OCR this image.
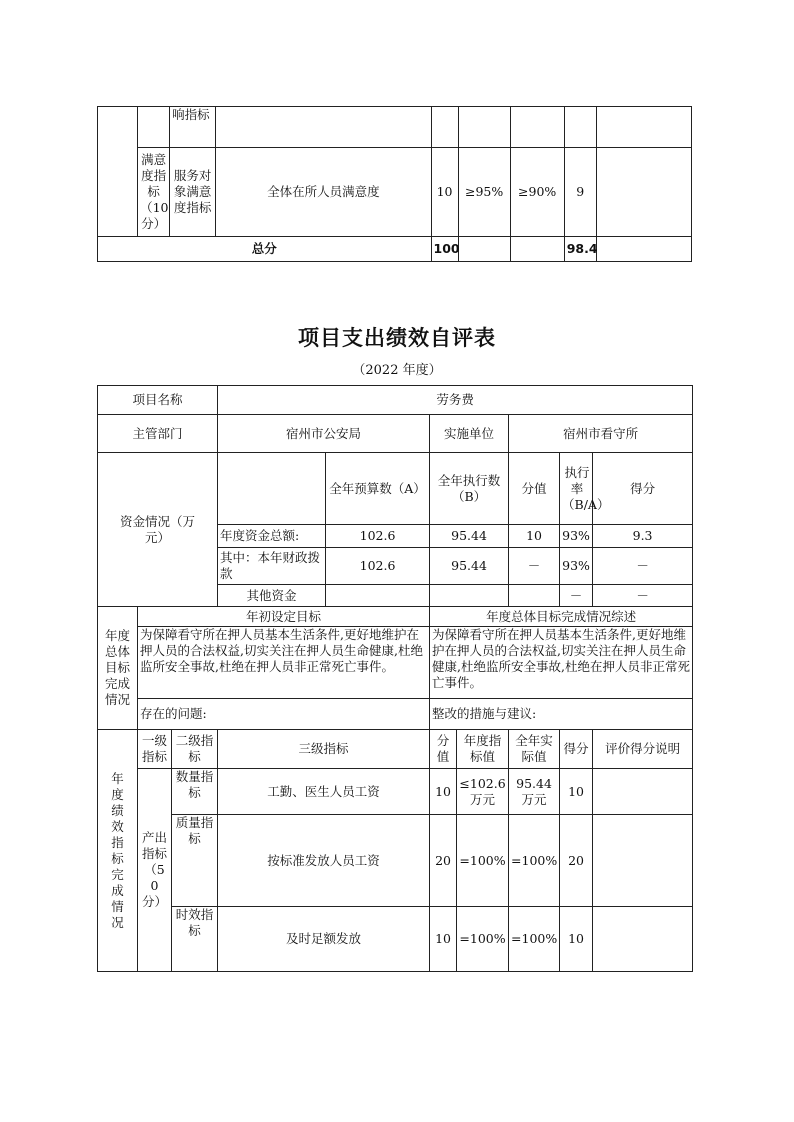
		响指标						
	满意度指标（10分）	服务对象满意度指标	全体在所人员满意度	10	≥95%	≥90%	9	
总分				100			98.4	
项目支出绩效自评表
（2022 年度）
项目名称			劳务费						
主管部门			宿州市公安局		实施单位		宿州市看守所		
资金情况（万元）				全年预算数（A）	全年执行数（B）		分值	执行率（B/A）	得分
			年度资金总额:	102.6	95.44		10	93%	9.3
			其中：本年财政拨款	102.6	95.44		－	93%	－
			其他资金					－	－
年度总体目标完成情况	年初设定目标				年度总体目标完成情况综述				
	为保障看守所在押人员基本生活条件,更好地维护在押人员的合法权益,切实关注在押人员生命健康,杜绝监所安全事故,杜绝在押人员非正常死亡事件。				为保障看守所在押人员基本生活条件,更好地维护在押人员的合法权益,切实关注在押人员生命健康,杜绝监所安全事故,杜绝在押人员非正常死亡事件。				
	存在的问题:				整改的措施与建议:				
年度绩效指标完成情况	一级指标	二级指标	三级指标		分值	年度指标值	全年实际值	得分	评价得分说明
	产出指标（50分）	数量指标	工勤、医生人员工资		10	≤102.6万元	95.44 万元	10	
		质量指标	按标准发放人员工资		20	=100%	=100%	20	
		时效指标	及时足额发放		10	=100%	=100%	10	
